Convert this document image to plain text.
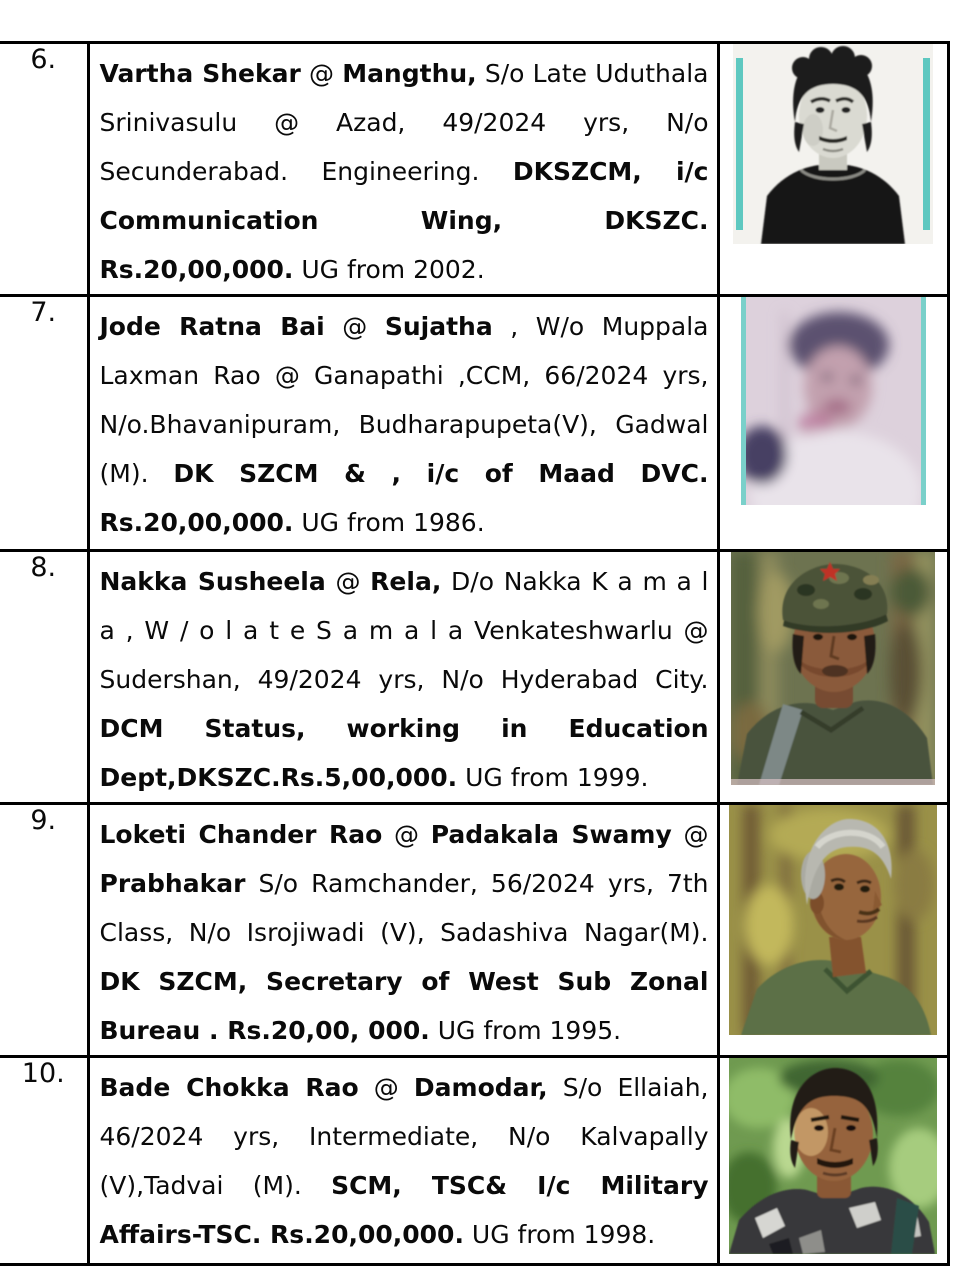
6.	Vartha Shekar @ Mangthu, S/o Late Uduthala Srinivasulu @ Azad, 49/2024 yrs, N/o Secunderabad. Engineering. DKSZCM, i/c Communication Wing, DKSZC. Rs.20,00,000. UG from 2002.

7.	Jode Ratna Bai @ Sujatha , W/o Muppala Laxman Rao @ Ganapathi ,CCM, 66/2024 yrs, N/o.Bhavanipuram, Budharapupeta(V), Gadwal (M). DK SZCM & , i/c of Maad DVC. Rs.20,00,000. UG from 1986.

8.	Nakka Susheela @ Rela, D/o Nakka K a m a l a , W / o l a t e S a m a l a Venkateshwarlu @ Sudershan, 49/2024 yrs, N/o Hyderabad City. DCM Status, working in Education Dept,DKSZC.Rs.5,00,000. UG from 1999.

9.	Loketi Chander Rao @ Padakala Swamy @ Prabhakar S/o Ramchander, 56/2024 yrs, 7th Class, N/o Isrojiwadi (V), Sadashiva Nagar(M). DK SZCM, Secretary of West Sub Zonal Bureau . Rs.20,00, 000. UG from 1995.

10.	Bade Chokka Rao @ Damodar, S/o Ellaiah, 46/2024 yrs, Intermediate, N/o Kalvapally (V),Tadvai (M). SCM, TSC& I/c Military Affairs-TSC. Rs.20,00,000. UG from 1998.
